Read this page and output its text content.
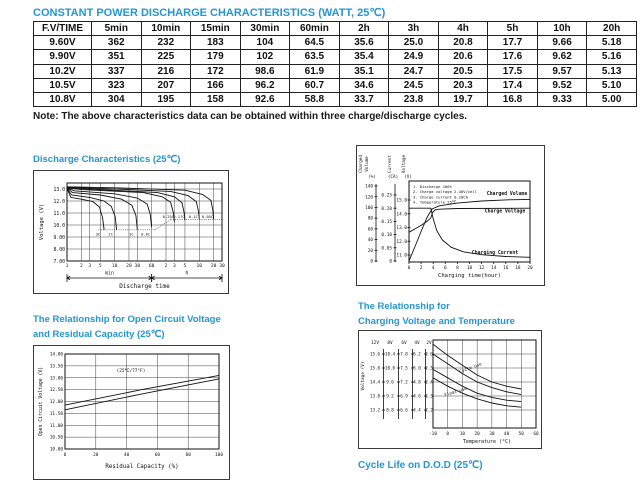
CONSTANT POWER DISCHARGE CHARACTERISTICS (WATT, 25℃)
F.V/TIME	5min	10min	15min	30min	60min	2h	3h	4h	5h	10h	20h
9.60V	362	232	183	104	64.5	35.6	25.0	20.8	17.7	9.66	5.18
9.90V	351	225	179	102	63.5	35.4	24.9	20.6	17.6	9.62	5.16
10.2V	337	216	172	98.6	61.9	35.1	24.7	20.5	17.5	9.57	5.13
10.5V	323	207	166	96.2	60.7	34.6	24.5	20.3	17.4	9.52	5.10
10.8V	304	195	158	92.6	58.8	33.7	23.8	19.7	16.8	9.33	5.00

Note: The above characteristics data can be obtained within three charge/discharge cycles.

Discharge Characteristics (25℃)
1	2 3 5 10 20 30 60 2 3 5 10 20 30
13.0
12.0
11.0
10.0
9.00
8.00
7.00
Voltage (V)	3C 2C	1C 0.6C
0.25C 0.17C 0.1C 0.05C
min	h
Discharge time
Charged Volume	Current Voltage
(%)	(CA) (V)
140
120
100
80
60
40
20
0
0.25
0.20
0.15
0.10
0.05
0
15.0
14.0
13.0
12.0
11.0
1. Discharge 100%
2. Charge voltage 2.40V/cell
3. Charge current 0.20CA
4. Temperature 25℃
Charged Volume
Charge Voltage
Charging Current
0 2 4 6 8 10 12 14 16 18 20
Charging time(hour)
The Relationship for Open Circuit Voltage
and Residual Capacity (25℃)
0	20	40	60	80	100
14.00
13.50
13.00
12.50
12.00
11.50
11.00
10.50
10.00
Open Circuit Voltage (V)	(25℃/77°F)
Residual Capacity (%)
The Relationship for
Charging Voltage and Temperature
Voltage (V)
12V 8V 6V 4V 2V
15.6 10.4 7.8 5.2 2.6
15.0 10.0 7.5 5.0 2.5
14.4 9.6 7.2 4.8 2.4
13.8 9.2 6.9 4.6 2.3
13.2 8.8 6.6 4.4 2.2
-10 0 10 20 30 40 50 60
Cycle use
Float use
Temperature (°C)
Cycle Life on D.O.D (25℃)
